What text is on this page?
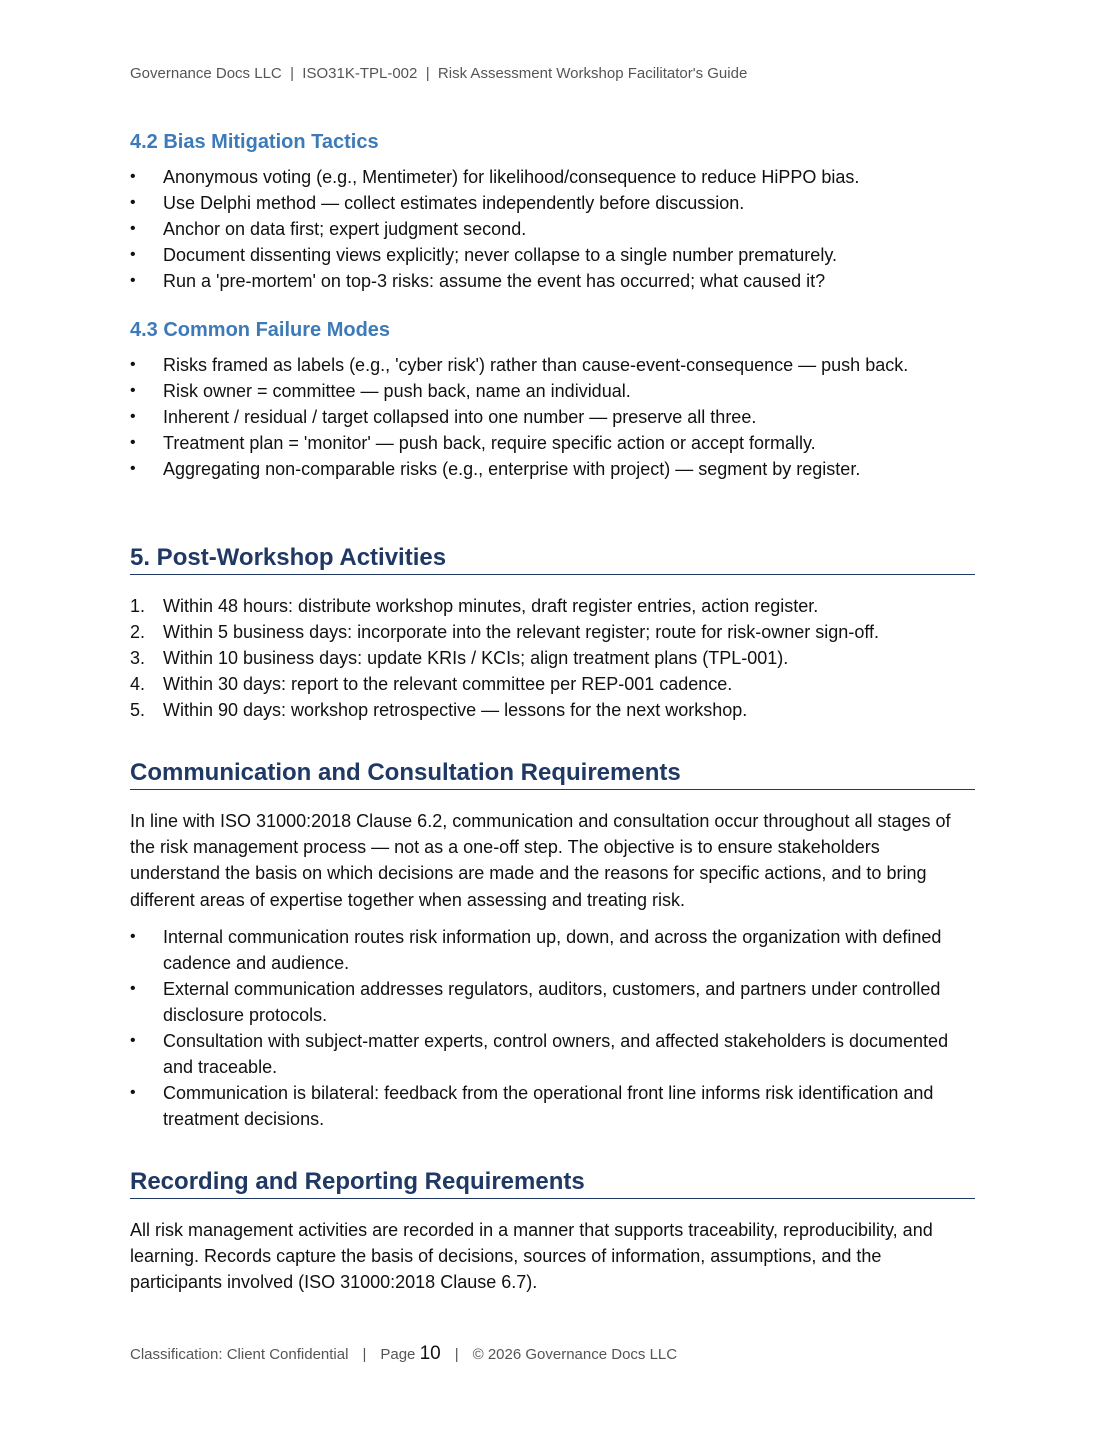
Governance Docs LLC  |  ISO31K-TPL-002  |  Risk Assessment Workshop Facilitator's Guide
4.2 Bias Mitigation Tactics
• Anonymous voting (e.g., Mentimeter) for likelihood/consequence to reduce HiPPO bias.
• Use Delphi method — collect estimates independently before discussion.
• Anchor on data first; expert judgment second.
• Document dissenting views explicitly; never collapse to a single number prematurely.
• Run a 'pre-mortem' on top-3 risks: assume the event has occurred; what caused it?
4.3 Common Failure Modes
• Risks framed as labels (e.g., 'cyber risk') rather than cause-event-consequence — push back.
• Risk owner = committee — push back, name an individual.
• Inherent / residual / target collapsed into one number — preserve all three.
• Treatment plan = 'monitor' — push back, require specific action or accept formally.
• Aggregating non-comparable risks (e.g., enterprise with project) — segment by register.
5. Post-Workshop Activities
1. Within 48 hours: distribute workshop minutes, draft register entries, action register.
2. Within 5 business days: incorporate into the relevant register; route for risk-owner sign-off.
3. Within 10 business days: update KRIs / KCIs; align treatment plans (TPL-001).
4. Within 30 days: report to the relevant committee per REP-001 cadence.
5. Within 90 days: workshop retrospective — lessons for the next workshop.
Communication and Consultation Requirements

In line with ISO 31000:2018 Clause 6.2, communication and consultation occur throughout all stages of the risk management process — not as a one-off step. The objective is to ensure stakeholders understand the basis on which decisions are made and the reasons for specific actions, and to bring different areas of expertise together when assessing and treating risk.

• Internal communication routes risk information up, down, and across the organization with defined cadence and audience.
• External communication addresses regulators, auditors, customers, and partners under controlled disclosure protocols.
• Consultation with subject-matter experts, control owners, and affected stakeholders is documented and traceable.
• Communication is bilateral: feedback from the operational front line informs risk identification and treatment decisions.
Recording and Reporting Requirements

All risk management activities are recorded in a manner that supports traceability, reproducibility, and learning. Records capture the basis of decisions, sources of information, assumptions, and the participants involved (ISO 31000:2018 Clause 6.7).

Classification: Client Confidential | Page 10 | © 2026 Governance Docs LLC
